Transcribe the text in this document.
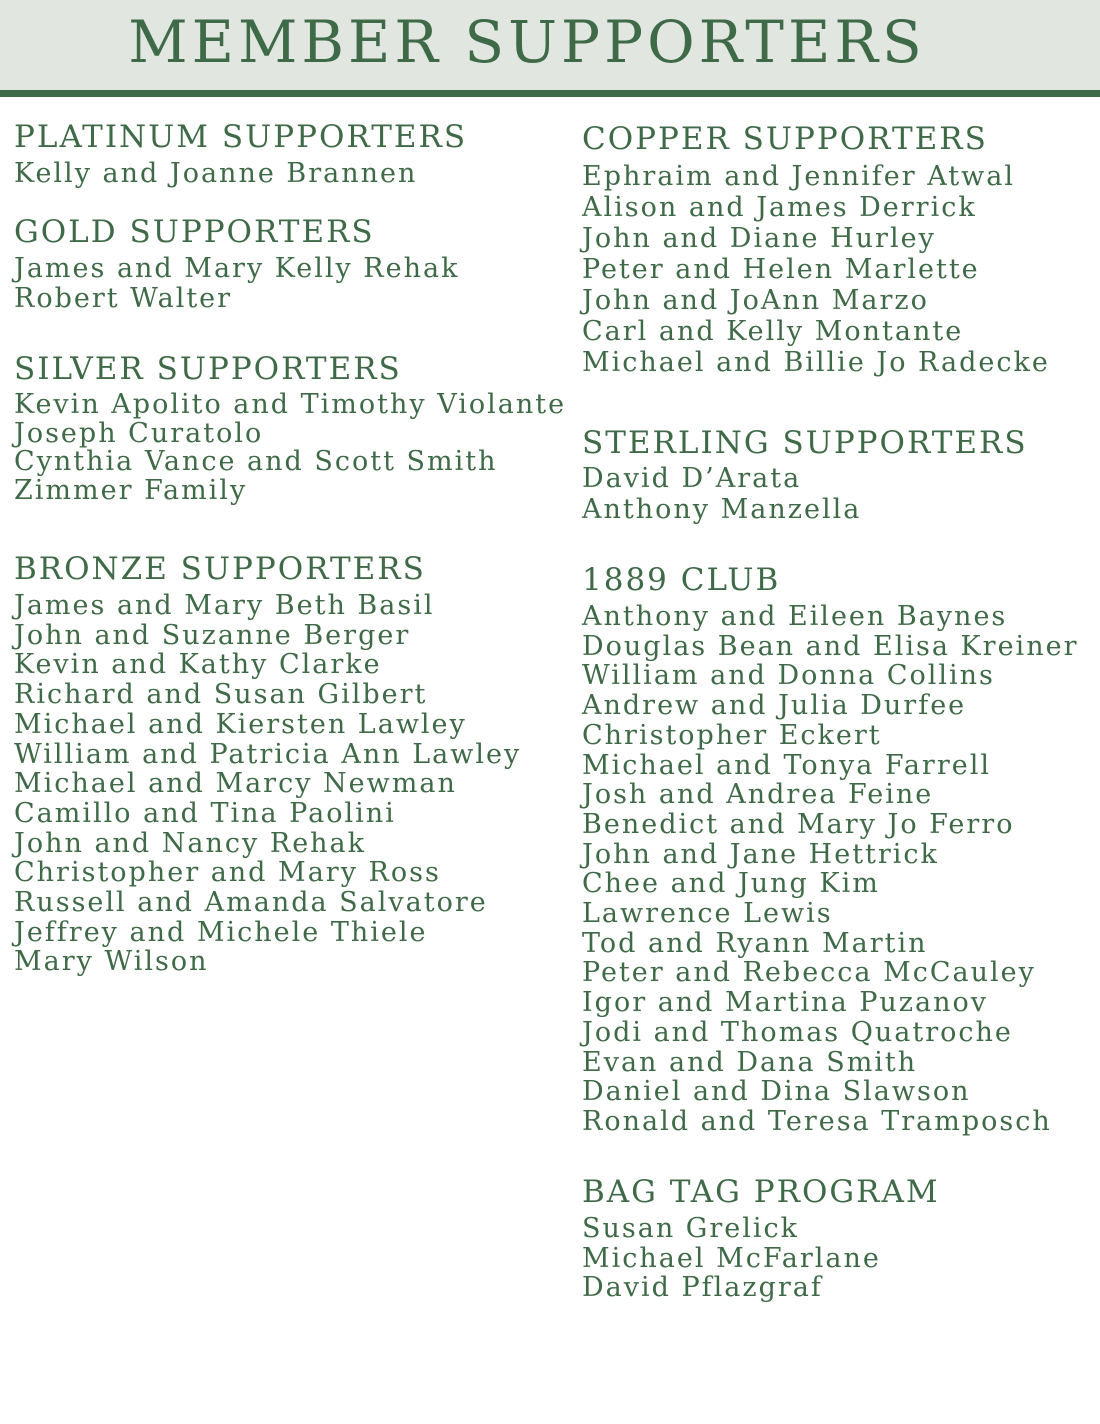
MEMBER SUPPORTERS
PLATINUM SUPPORTERS
Kelly and Joanne Brannen
GOLD SUPPORTERS
James and Mary Kelly Rehak
Robert Walter
SILVER SUPPORTERS
Kevin Apolito and Timothy Violante
Joseph Curatolo
Cynthia Vance and Scott Smith
Zimmer Family
BRONZE SUPPORTERS
James and Mary Beth Basil
John and Suzanne Berger
Kevin and Kathy Clarke
Richard and Susan Gilbert
Michael and Kiersten Lawley
William and Patricia Ann Lawley
Michael and Marcy Newman
Camillo and Tina Paolini
John and Nancy Rehak
Christopher and Mary Ross
Russell and Amanda Salvatore
Jeffrey and Michele Thiele
Mary Wilson
COPPER SUPPORTERS
Ephraim and Jennifer Atwal
Alison and James Derrick
John and Diane Hurley
Peter and Helen Marlette
John and JoAnn Marzo
Carl and Kelly Montante
Michael and Billie Jo Radecke
STERLING SUPPORTERS
David D’Arata
Anthony Manzella
1889 CLUB
Anthony and Eileen Baynes
Douglas Bean and Elisa Kreiner
William and Donna Collins
Andrew and Julia Durfee
Christopher Eckert
Michael and Tonya Farrell
Josh and Andrea Feine
Benedict and Mary Jo Ferro
John and Jane Hettrick
Chee and Jung Kim
Lawrence Lewis
Tod and Ryann Martin
Peter and Rebecca McCauley
Igor and Martina Puzanov
Jodi and Thomas Quatroche
Evan and Dana Smith
Daniel and Dina Slawson
Ronald and Teresa Tramposch
BAG TAG PROGRAM
Susan Grelick
Michael McFarlane
David Pflazgraf
